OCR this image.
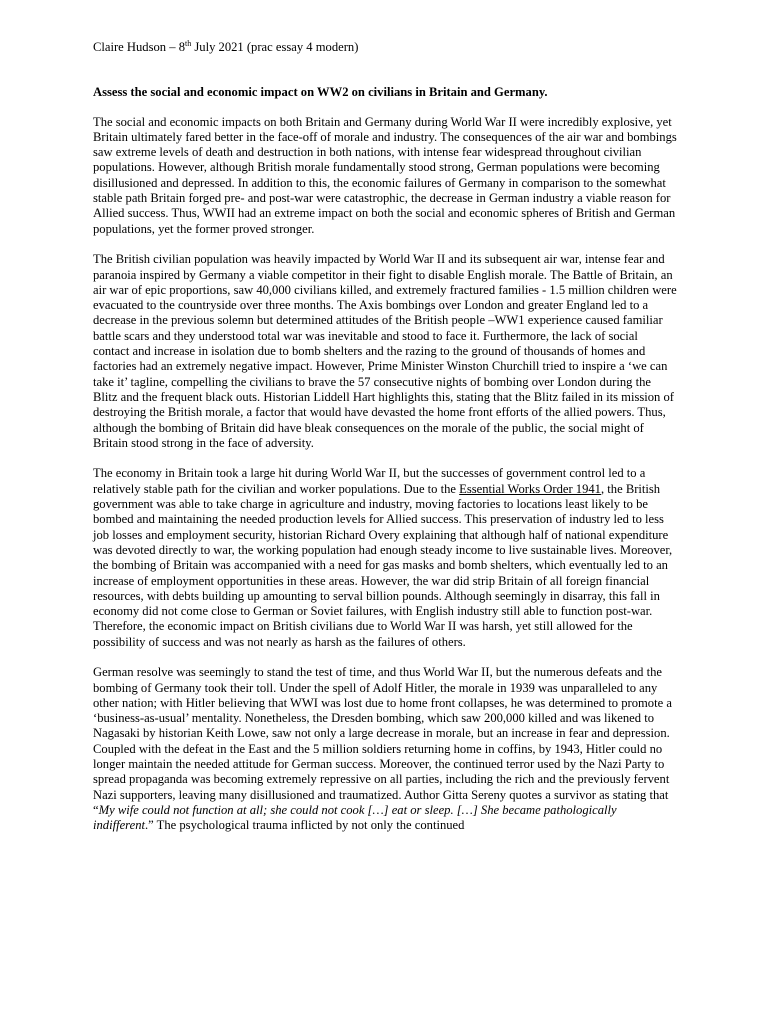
Claire Hudson – 8th July 2021 (prac essay 4 modern)

Assess the social and economic impact on WW2 on civilians in Britain and Germany.

The social and economic impacts on both Britain and Germany during World War II were incredibly explosive, yet Britain ultimately fared better in the face-off of morale and industry. The consequences of the air war and bombings saw extreme levels of death and destruction in both nations, with intense fear widespread throughout civilian populations. However, although British morale fundamentally stood strong, German populations were becoming disillusioned and depressed. In addition to this, the economic failures of Germany in comparison to the somewhat stable path Britain forged pre- and post-war were catastrophic, the decrease in German industry a viable reason for Allied success. Thus, WWII had an extreme impact on both the social and economic spheres of British and German populations, yet the former proved stronger.

The British civilian population was heavily impacted by World War II and its subsequent air war, intense fear and paranoia inspired by Germany a viable competitor in their fight to disable English morale. The Battle of Britain, an air war of epic proportions, saw 40,000 civilians killed, and extremely fractured families - 1.5 million children were evacuated to the countryside over three months. The Axis bombings over London and greater England led to a decrease in the previous solemn but determined attitudes of the British people –WW1 experience caused familiar battle scars and they understood total war was inevitable and stood to face it. Furthermore, the lack of social contact and increase in isolation due to bomb shelters and the razing to the ground of thousands of homes and factories had an extremely negative impact. However, Prime Minister Winston Churchill tried to inspire a ‘we can take it’ tagline, compelling the civilians to brave the 57 consecutive nights of bombing over London during the Blitz and the frequent black outs. Historian Liddell Hart highlights this, stating that the Blitz failed in its mission of destroying the British morale, a factor that would have devasted the home front efforts of the allied powers. Thus, although the bombing of Britain did have bleak consequences on the morale of the public, the social might of Britain stood strong in the face of adversity.

The economy in Britain took a large hit during World War II, but the successes of government control led to a relatively stable path for the civilian and worker populations. Due to the Essential Works Order 1941, the British government was able to take charge in agriculture and industry, moving factories to locations least likely to be bombed and maintaining the needed production levels for Allied success. This preservation of industry led to less job losses and employment security, historian Richard Overy explaining that although half of national expenditure was devoted directly to war, the working population had enough steady income to live sustainable lives. Moreover, the bombing of Britain was accompanied with a need for gas masks and bomb shelters, which eventually led to an increase of employment opportunities in these areas. However, the war did strip Britain of all foreign financial resources, with debts building up amounting to serval billion pounds. Although seemingly in disarray, this fall in economy did not come close to German or Soviet failures, with English industry still able to function post-war. Therefore, the economic impact on British civilians due to World War II was harsh, yet still allowed for the possibility of success and was not nearly as harsh as the failures of others.

German resolve was seemingly to stand the test of time, and thus World War II, but the numerous defeats and the bombing of Germany took their toll. Under the spell of Adolf Hitler, the morale in 1939 was unparalleled to any other nation; with Hitler believing that WWI was lost due to home front collapses, he was determined to promote a ‘business-as-usual’ mentality. Nonetheless, the Dresden bombing, which saw 200,000 killed and was likened to Nagasaki by historian Keith Lowe, saw not only a large decrease in morale, but an increase in fear and depression. Coupled with the defeat in the East and the 5 million soldiers returning home in coffins, by 1943, Hitler could no longer maintain the needed attitude for German success. Moreover, the continued terror used by the Nazi Party to spread propaganda was becoming extremely repressive on all parties, including the rich and the previously fervent Nazi supporters, leaving many disillusioned and traumatized. Author Gitta Sereny quotes a survivor as stating that “My wife could not function at all; she could not cook […] eat or sleep. […] She became pathologically indifferent.” The psychological trauma inflicted by not only the continued
